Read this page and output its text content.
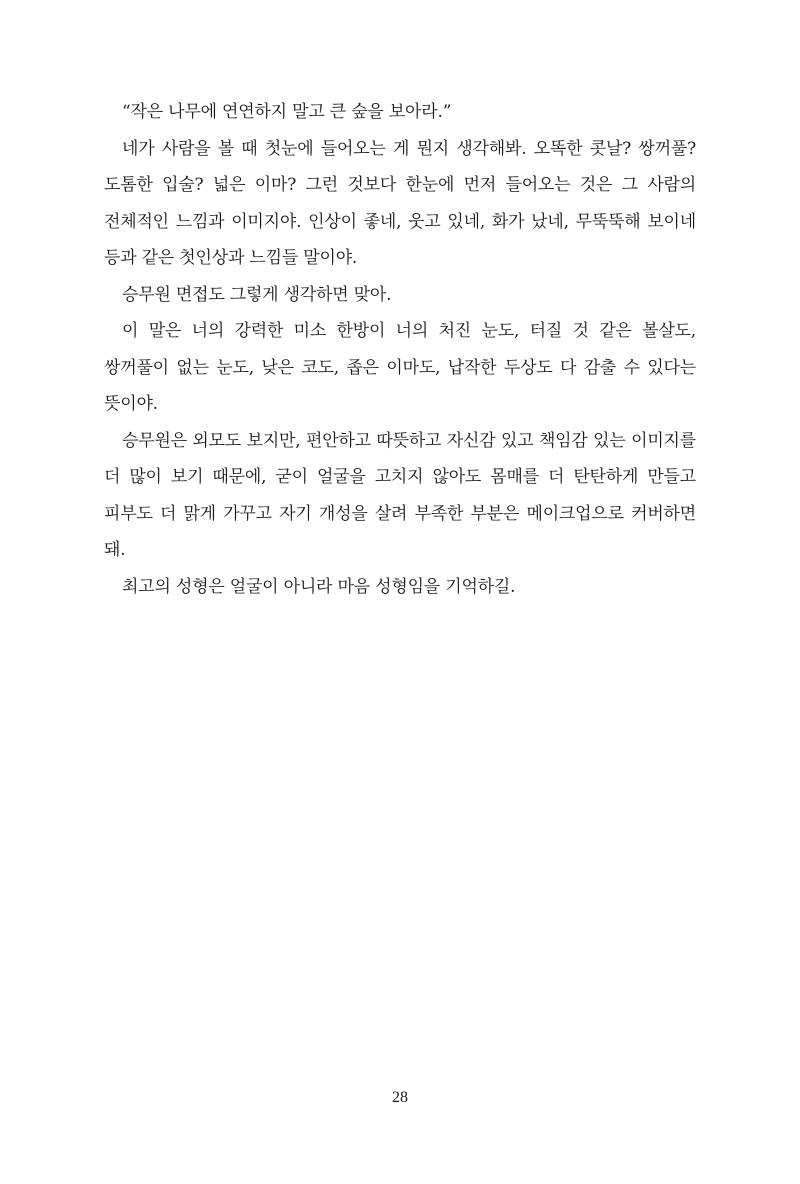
“작은 나무에 연연하지 말고 큰 숲을 보아라.”

네가 사람을 볼 때 첫눈에 들어오는 게 뭔지 생각해봐. 오똑한 콧날? 쌍꺼풀? 도톰한 입술? 넓은 이마? 그런 것보다 한눈에 먼저 들어오는 것은 그 사람의 전체적인 느낌과 이미지야. 인상이 좋네, 웃고 있네, 화가 났네, 무뚝뚝해 보이네 등과 같은 첫인상과 느낌들 말이야.

승무원 면접도 그렇게 생각하면 맞아.

이 말은 너의 강력한 미소 한방이 너의 처진 눈도, 터질 것 같은 볼살도, 쌍꺼풀이 없는 눈도, 낮은 코도, 좁은 이마도, 납작한 두상도 다 감출 수 있다는 뜻이야.

승무원은 외모도 보지만, 편안하고 따뜻하고 자신감 있고 책임감 있는 이미지를 더 많이 보기 때문에, 굳이 얼굴을 고치지 않아도 몸매를 더 탄탄하게 만들고 피부도 더 맑게 가꾸고 자기 개성을 살려 부족한 부분은 메이크업으로 커버하면 돼.

최고의 성형은 얼굴이 아니라 마음 성형임을 기억하길.

28
